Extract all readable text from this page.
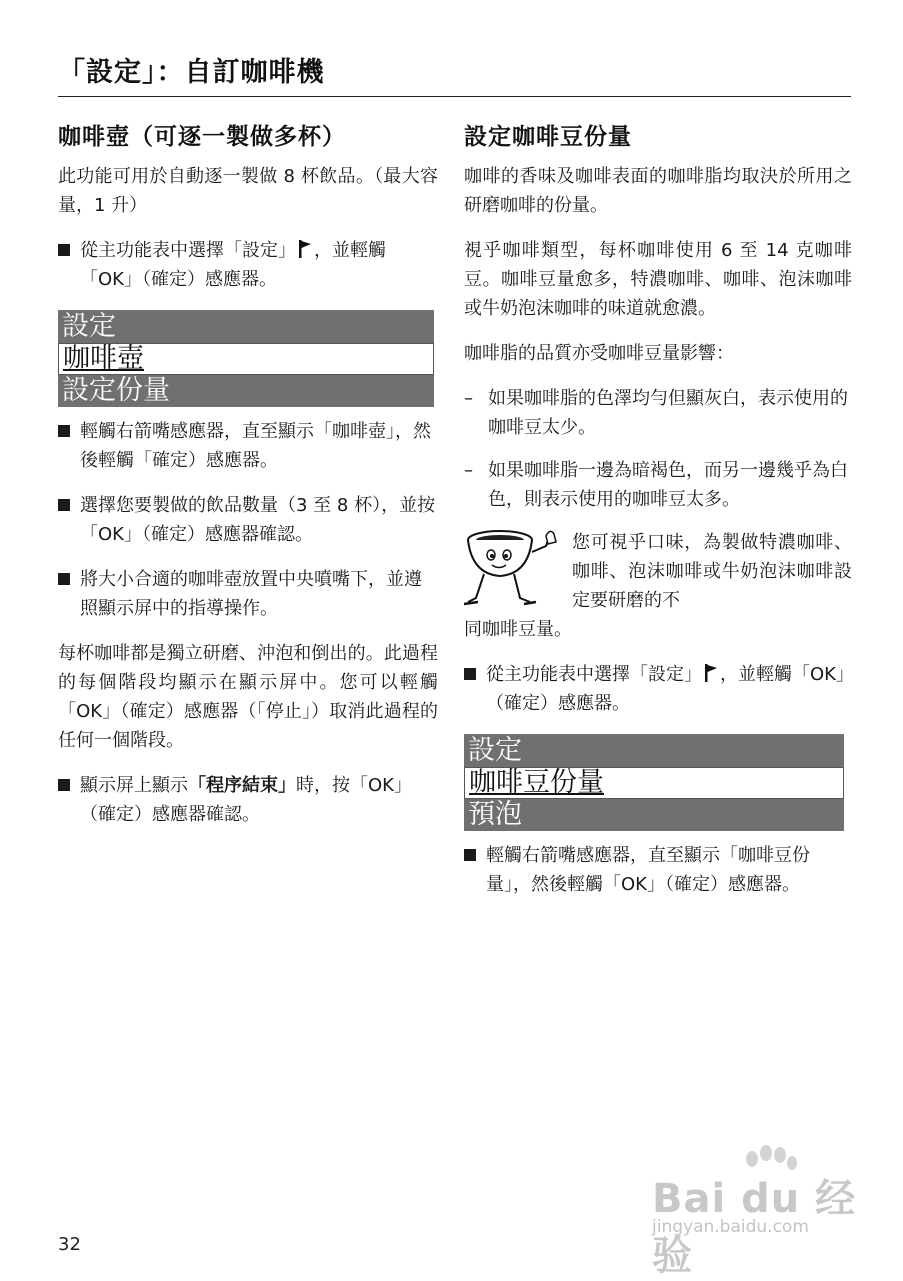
「設定」：自訂咖啡機
咖啡壺（可逐一製做多杯）

此功能可用於自動逐一製做 8 杯飲品。（最大容量，1 升）

從主功能表中選擇「設定」 ，並輕觸「OK」（確定）感應器。
設定
咖啡壺
設定份量
輕觸右箭嘴感應器，直至顯示「咖啡壺」，然後輕觸「確定）感應器。
選擇您要製做的飲品數量（3 至 8 杯），並按「OK」（確定）感應器確認。
將大小合適的咖啡壺放置中央噴嘴下，並遵照顯示屏中的指導操作。

每杯咖啡都是獨立研磨、沖泡和倒出的。此過程的每個階段均顯示在顯示屏中。您可以輕觸「OK」（確定）感應器（「停止」）取消此過程的任何一個階段。

顯示屏上顯示「程序結束」時，按「OK」（確定）感應器確認。
設定咖啡豆份量

咖啡的香味及咖啡表面的咖啡脂均取決於所用之研磨咖啡的份量。

視乎咖啡類型，每杯咖啡使用 6 至 14 克咖啡豆。咖啡豆量愈多，特濃咖啡、咖啡、泡沫咖啡或牛奶泡沫咖啡的味道就愈濃。

咖啡脂的品質亦受咖啡豆量影響：

– 如果咖啡脂的色澤均勻但顯灰白，表示使用的咖啡豆太少。
– 如果咖啡脂一邊為暗褐色，而另一邊幾乎為白色，則表示使用的咖啡豆太多。
您可視乎口味，為製做特濃咖啡、咖啡、泡沫咖啡或牛奶泡沫咖啡設定要研磨的不
同咖啡豆量。
從主功能表中選擇「設定」 ，並輕觸「OK」（確定）感應器。
設定
咖啡豆份量
預泡
輕觸右箭嘴感應器，直至顯示「咖啡豆份量」，然後輕觸「OK」（確定）感應器。
32
Bai du 经验
jingyan.baidu.com
